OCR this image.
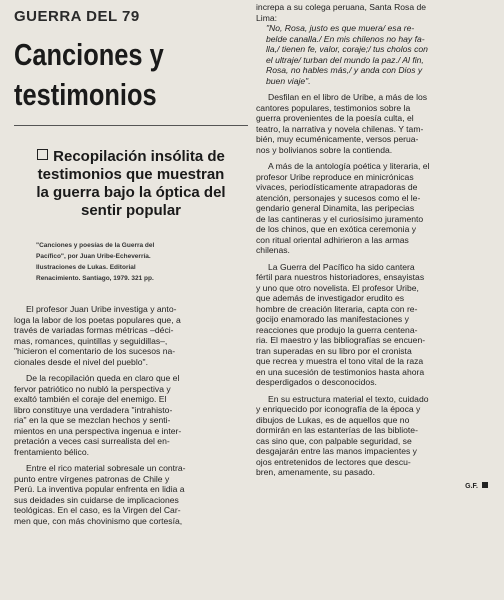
GUERRA DEL 79
Canciones y
testimonios
Recopilación insólita de
testimonios que muestran
la guerra bajo la óptica del
sentir popular
"Canciones y poesías de la Guerra del
Pacífico", por Juan Uribe-Echeverría.
Ilustraciones de Lukas. Editorial
Renacimiento. Santiago, 1979. 321 pp.

El profesor Juan Uribe investiga y anto-
loga la labor de los poetas populares que, a
través de variadas formas métricas –déci-
mas, romances, quintillas y seguidillas–,
"hicieron el comentario de los sucesos na-
cionales desde el nivel del pueblo".

De la recopilación queda en claro que el
fervor patriótico no nubló la perspectiva y
exaltó también el coraje del enemigo. El
libro constituye una verdadera "intrahisto-
ria" en la que se mezclan hechos y senti-
mientos en una perspectiva ingenua e inter-
pretación a veces casi surrealista del en-
frentamiento bélico.

Entre el rico material sobresale un contra-
punto entre vírgenes patronas de Chile y
Perú. La inventiva popular enfrenta en lidia a
sus deidades sin cuidarse de implicaciones
teológicas. En el caso, es la Virgen del Car-
men que, con más chovinismo que cortesía,

increpa a su colega peruana, Santa Rosa de
Lima:

"No, Rosa, justo es que muera/ esa re-
belde canalla./ En mis chilenos no hay fa-
lla,/ tienen fe, valor, coraje;/ tus cholos con
el ultraje/ turban del mundo la paz./ Al fin,
Rosa, no hables más,/ y anda con Dios y
buen viaje".

Desfilan en el libro de Uribe, a más de los
cantores populares, testimonios sobre la
guerra provenientes de la poesía culta, el
teatro, la narrativa y novela chilenas. Y tam-
bién, muy ecuménicamente, versos perua-
nos y bolivianos sobre la contienda.

A más de la antología poética y literaria, el
profesor Uribe reproduce en minicrónicas
vivaces, periodísticamente atrapadoras de
atención, personajes y sucesos como el le-
gendario general Dinamita, las peripecias
de las cantineras y el curiosísimo juramento
de los chinos, que en exótica ceremonia y
con ritual oriental adhirieron a las armas
chilenas.

La Guerra del Pacífico ha sido cantera
fértil para nuestros historiadores, ensayistas
y uno que otro novelista. El profesor Uribe,
que además de investigador erudito es
hombre de creación literaria, capta con re-
gocijo enamorado las manifestaciones y
reacciones que produjo la guerra centena-
ria. El maestro y las bibliografías se encuen-
tran superadas en su libro por el cronista
que recrea y muestra el tono vital de la raza
en una sucesión de testimonios hasta ahora
desperdigados o desconocidos.

En su estructura material el texto, cuidado
y enriquecido por iconografía de la época y
dibujos de Lukas, es de aquellos que no
dormirán en las estanterías de las bibliote-
cas sino que, con palpable seguridad, se
desgajarán entre las manos impacientes y
ojos entretenidos de lectores que descu-
bren, amenamente, su pasado.

G.F.
